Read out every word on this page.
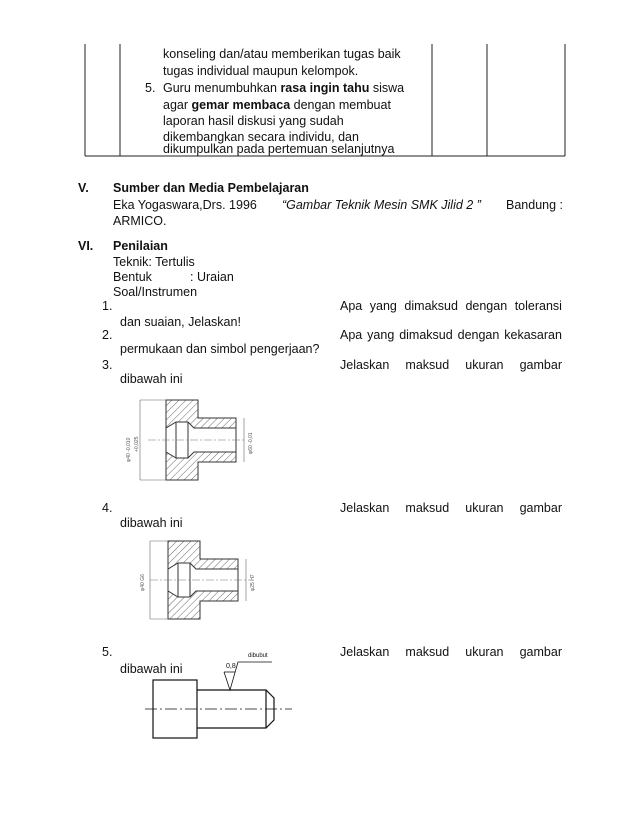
konseling dan/atau memberikan tugas baik
tugas individual maupun kelompok.
5. Guru menumbuhkan rasa ingin tahu siswa
agar gemar membaca dengan membuat
laporan hasil diskusi yang sudah
dikembangkan secara individu, dan
dikumpulkan pada pertemuan selanjutnya
V. Sumber dan Media Pembelajaran
Eka Yogaswara,Drs. 1996 “Gambar Teknik Mesin SMK Jilid 2 ” Bandung :
ARMICO.
VI. Penilaian
Teknik: Tertulis
Bentuk	: Uraian
Soal/Instrumen
1.	Apa yang dimaksud dengan toleransi
dan suaian, Jelaskan!
2.	Apa yang dimaksud dengan kekasaran
permukaan dan simbol pengerjaan?
3.	Jelaskan maksud ukuran gambar
dibawah ini
4.	Jelaskan maksud ukuran gambar
dibawah ini
5.	Jelaskan maksud ukuran gambar
dibawah ini
φ40 -0,010 +0,025	φ60 -0,01
φ40 G6	φ25 H7
0,8
dibubut
